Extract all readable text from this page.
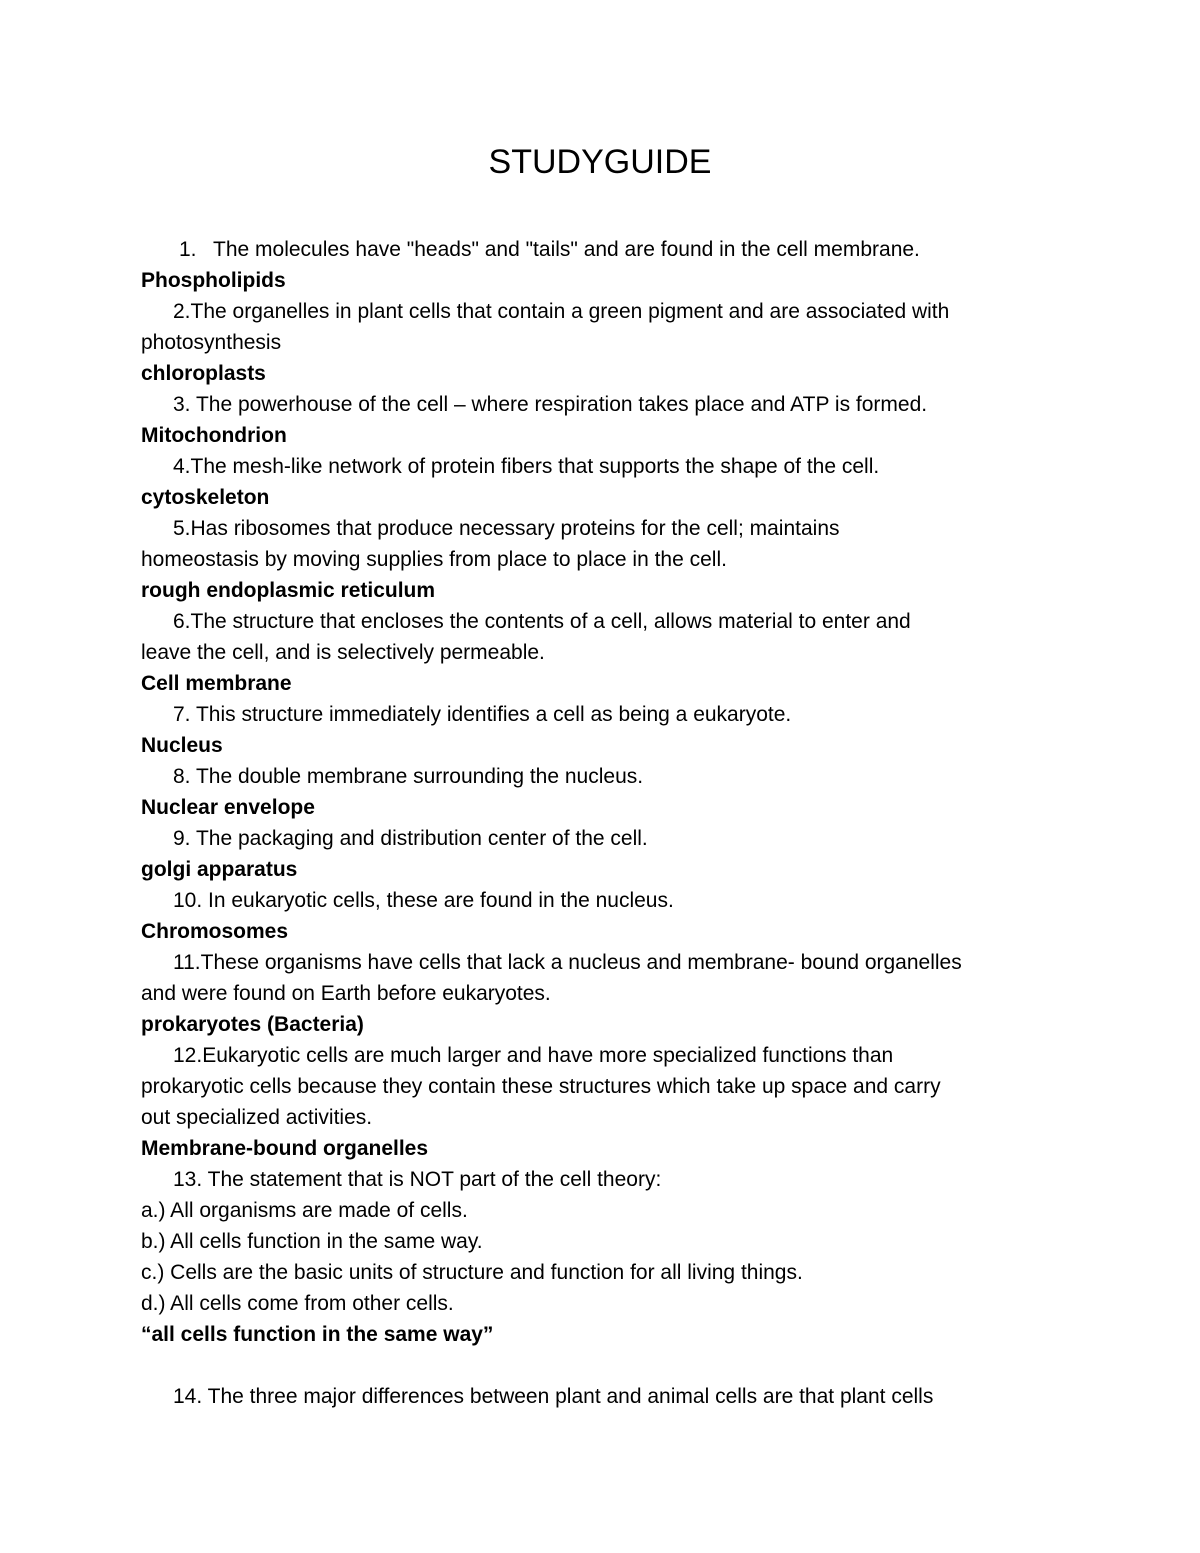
STUDYGUIDE

1. The molecules have "heads" and "tails" and are found in the cell membrane.

Phospholipids

2.The organelles in plant cells that contain a green pigment and are associated with

photosynthesis

chloroplasts

3. The powerhouse of the cell – where respiration takes place and ATP is formed.

Mitochondrion

4.The mesh-like network of protein fibers that supports the shape of the cell.

cytoskeleton

5.Has ribosomes that produce necessary proteins for the cell; maintains

homeostasis by moving supplies from place to place in the cell.

rough endoplasmic reticulum

6.The structure that encloses the contents of a cell, allows material to enter and

leave the cell, and is selectively permeable.

Cell membrane

7. This structure immediately identifies a cell as being a eukaryote.

Nucleus

8. The double membrane surrounding the nucleus.

Nuclear envelope

9. The packaging and distribution center of the cell.

golgi apparatus

10. In eukaryotic cells, these are found in the nucleus.

Chromosomes

11.These organisms have cells that lack a nucleus and membrane- bound organelles

and were found on Earth before eukaryotes.

prokaryotes (Bacteria)

12.Eukaryotic cells are much larger and have more specialized functions than

prokaryotic cells because they contain these structures which take up space and carry

out specialized activities.

Membrane-bound organelles

13. The statement that is NOT part of the cell theory:

a.) All organisms are made of cells.

b.) All cells function in the same way.

c.) Cells are the basic units of structure and function for all living things.

d.) All cells come from other cells.

“all cells function in the same way”

14. The three major differences between plant and animal cells are that plant cells
